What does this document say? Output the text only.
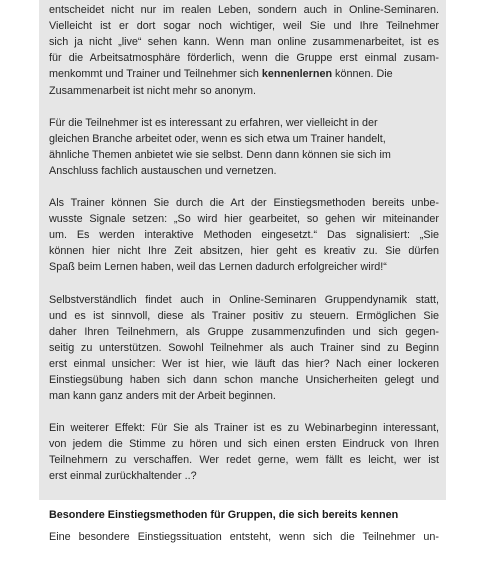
entscheidet nicht nur im realen Leben, sondern auch in Online-Seminaren.
Vielleicht ist er dort sogar noch wichtiger, weil Sie und Ihre Teilnehmer
sich ja nicht „live“ sehen kann. Wenn man online zusammenarbeitet, ist es
für die Arbeitsatmosphäre förderlich, wenn die Gruppe erst einmal zusam-
menkommt und Trainer und Teilnehmer sich kennenlernen können. Die
Zusammenarbeit ist nicht mehr so anonym.

Für die Teilnehmer ist es interessant zu erfahren, wer vielleicht in der
gleichen Branche arbeitet oder, wenn es sich etwa um Trainer handelt,
ähnliche Themen anbietet wie sie selbst. Denn dann können sie sich im
Anschluss fachlich austauschen und vernetzen.

Als Trainer können Sie durch die Art der Einstiegsmethoden bereits unbe-
wusste Signale setzen: „So wird hier gearbeitet, so gehen wir miteinander
um. Es werden interaktive Methoden eingesetzt.“ Das signalisiert: „Sie
können hier nicht Ihre Zeit absitzen, hier geht es kreativ zu. Sie dürfen
Spaß beim Lernen haben, weil das Lernen dadurch erfolgreicher wird!“

Selbstverständlich findet auch in Online-Seminaren Gruppendynamik statt,
und es ist sinnvoll, diese als Trainer positiv zu steuern. Ermöglichen Sie
daher Ihren Teilnehmern, als Gruppe zusammenzufinden und sich gegen-
seitig zu unterstützen. Sowohl Teilnehmer als auch Trainer sind zu Beginn
erst einmal unsicher: Wer ist hier, wie läuft das hier? Nach einer lockeren
Einstiegsübung haben sich dann schon manche Unsicherheiten gelegt und
man kann ganz anders mit der Arbeit beginnen.

Ein weiterer Effekt: Für Sie als Trainer ist es zu Webinarbeginn interessant,
von jedem die Stimme zu hören und sich einen ersten Eindruck von Ihren
Teilnehmern zu verschaffen. Wer redet gerne, wem fällt es leicht, wer ist
erst einmal zurückhaltender ..?

Besondere Einstiegsmethoden für Gruppen, die sich bereits kennen

Eine besondere Einstiegssituation entsteht, wenn sich die Teilnehmer un-
